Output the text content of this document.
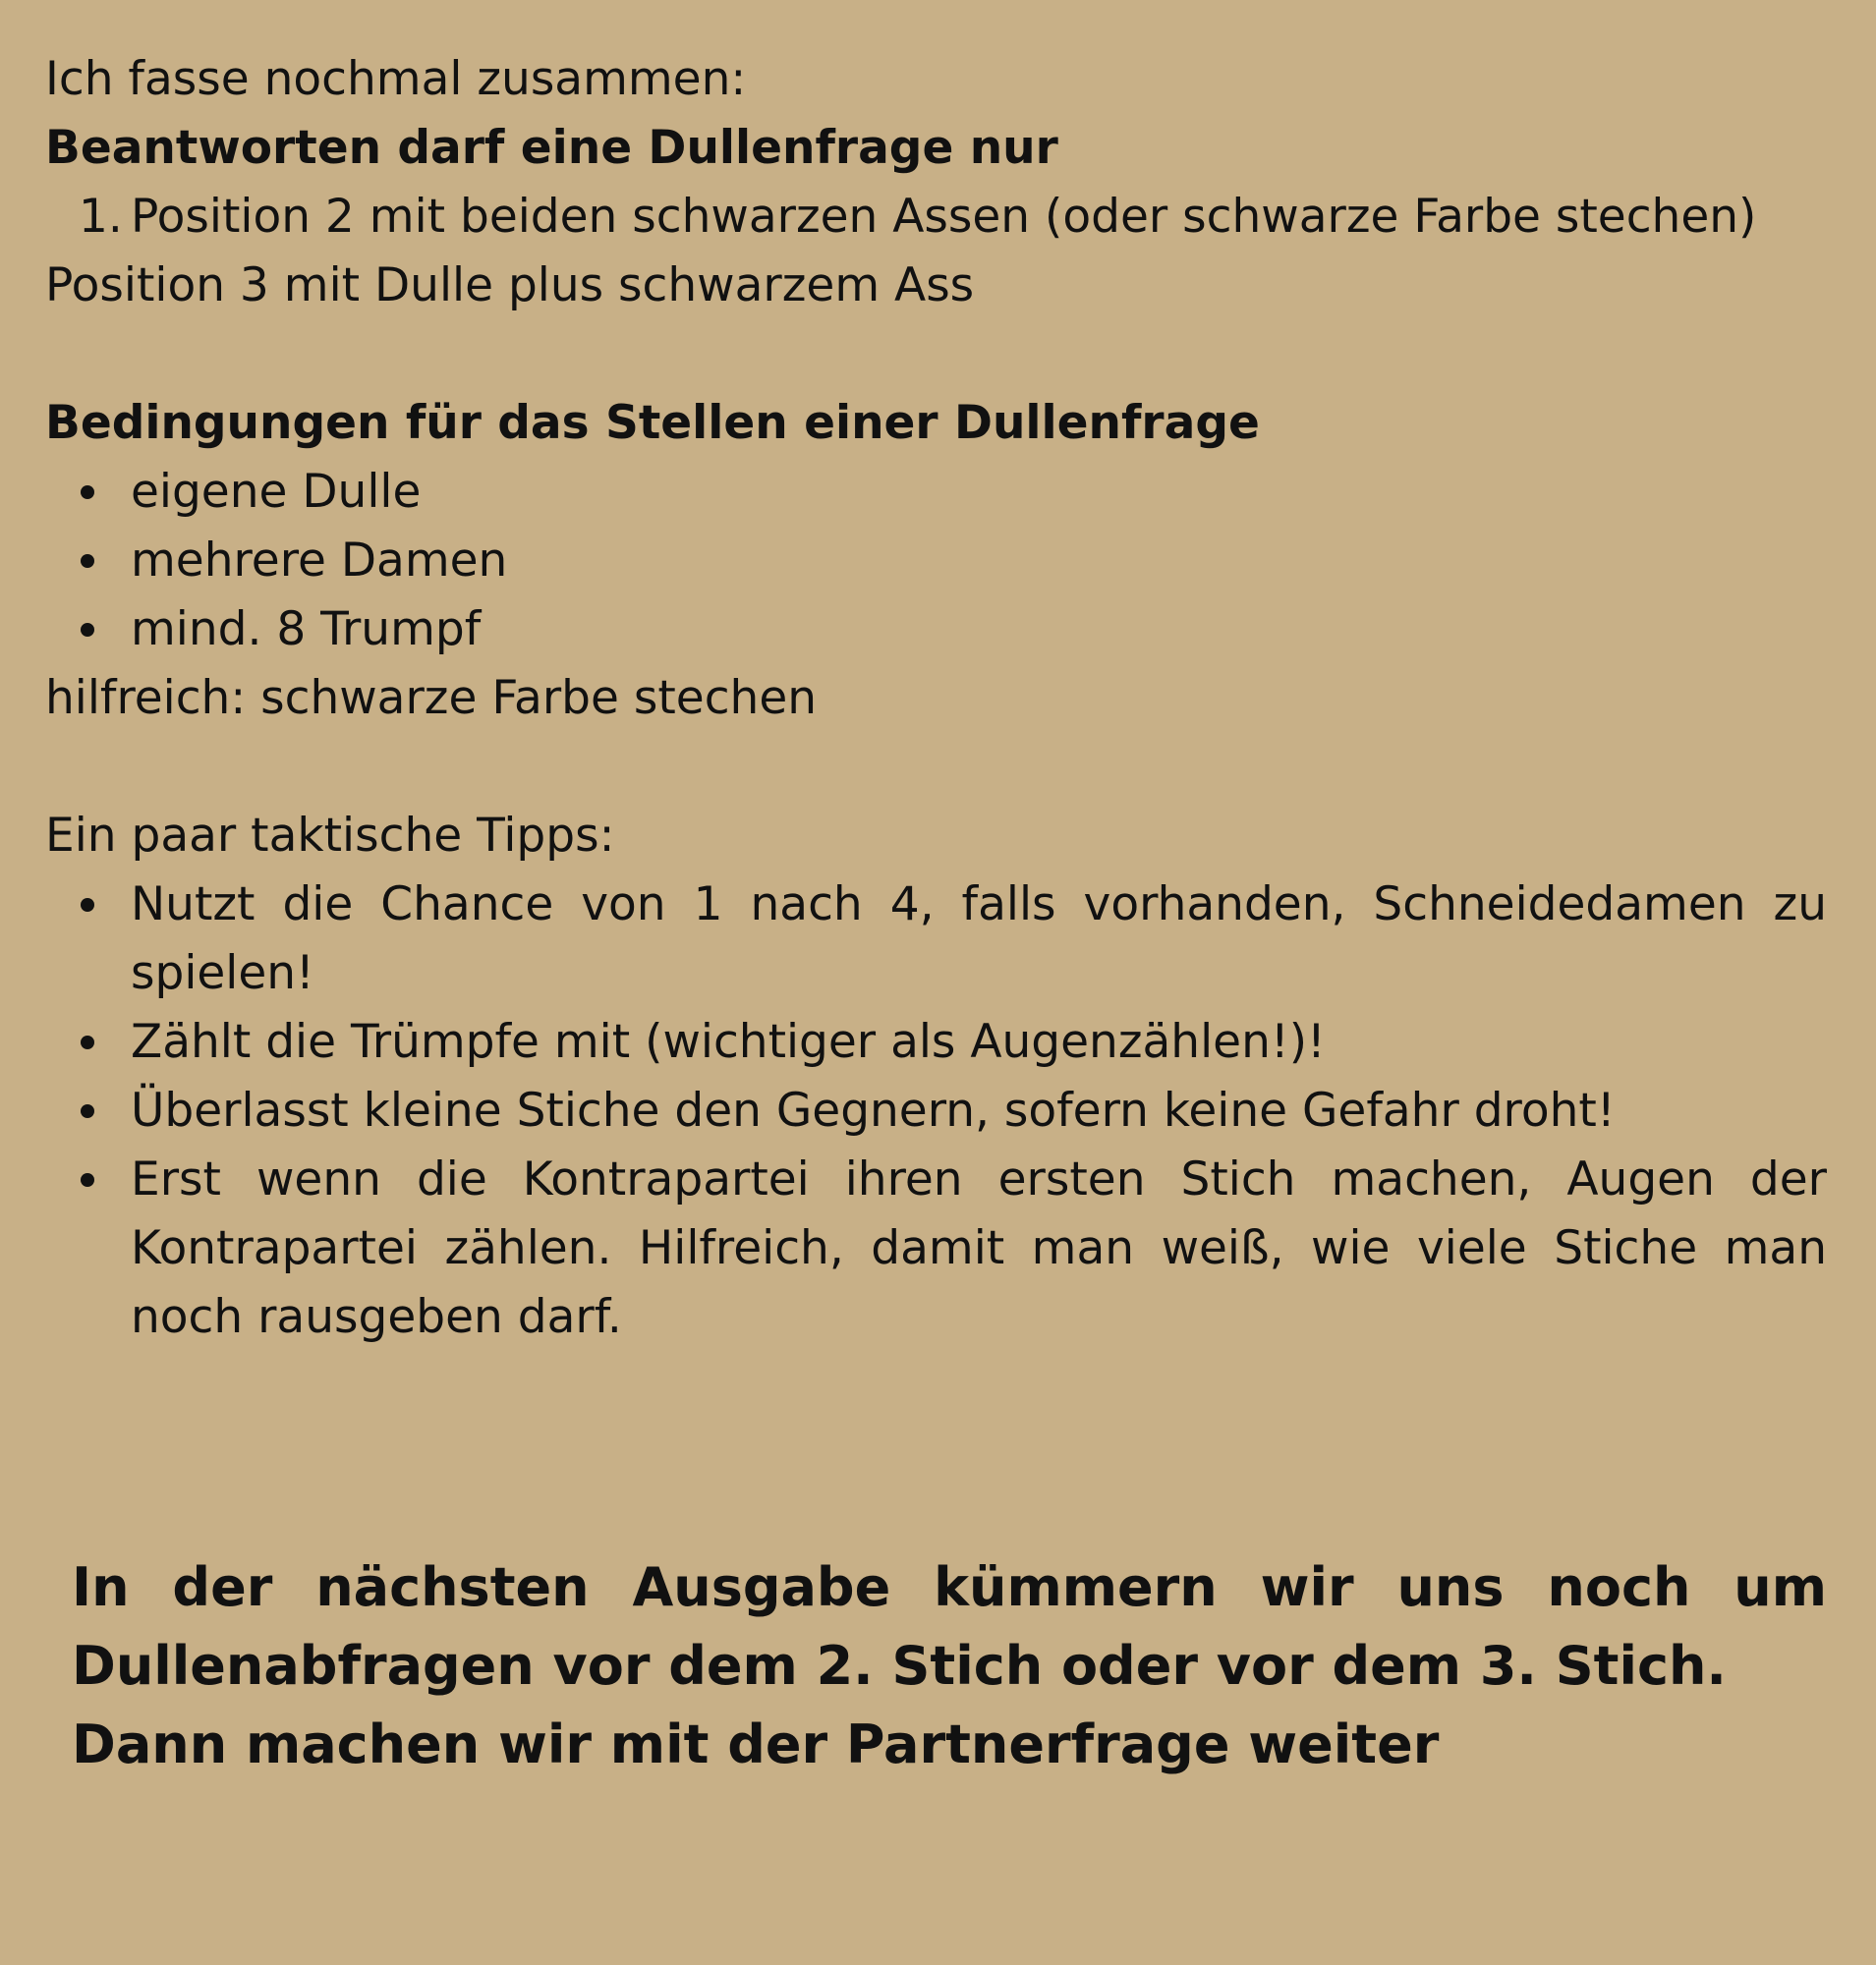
Ich fasse nochmal zusammen:

Beantworten darf eine Dullenfrage nur

1. Position 2 mit beiden schwarzen Assen (oder schwarze Farbe stechen)

Position 3 mit Dulle plus schwarzem Ass

Bedingungen für das Stellen einer Dullenfrage

eigene Dulle
mehrere Damen
mind. 8 Trumpf

hilfreich: schwarze Farbe stechen

Ein paar taktische Tipps:

Nutzt die Chance von 1 nach 4, falls vorhanden, Schneidedamen zu spielen!
Zählt die Trümpfe mit (wichtiger als Augenzählen!)!
Überlasst kleine Stiche den Gegnern, sofern keine Gefahr droht!
Erst wenn die Kontrapartei ihren ersten Stich machen, Augen der Kontrapartei zählen. Hilfreich, damit man weiß, wie viele Stiche man noch rausgeben darf.

In der nächsten Ausgabe kümmern wir uns noch um

Dullenabfragen vor dem 2. Stich oder vor dem 3. Stich.

Dann machen wir mit der Partnerfrage weiter
